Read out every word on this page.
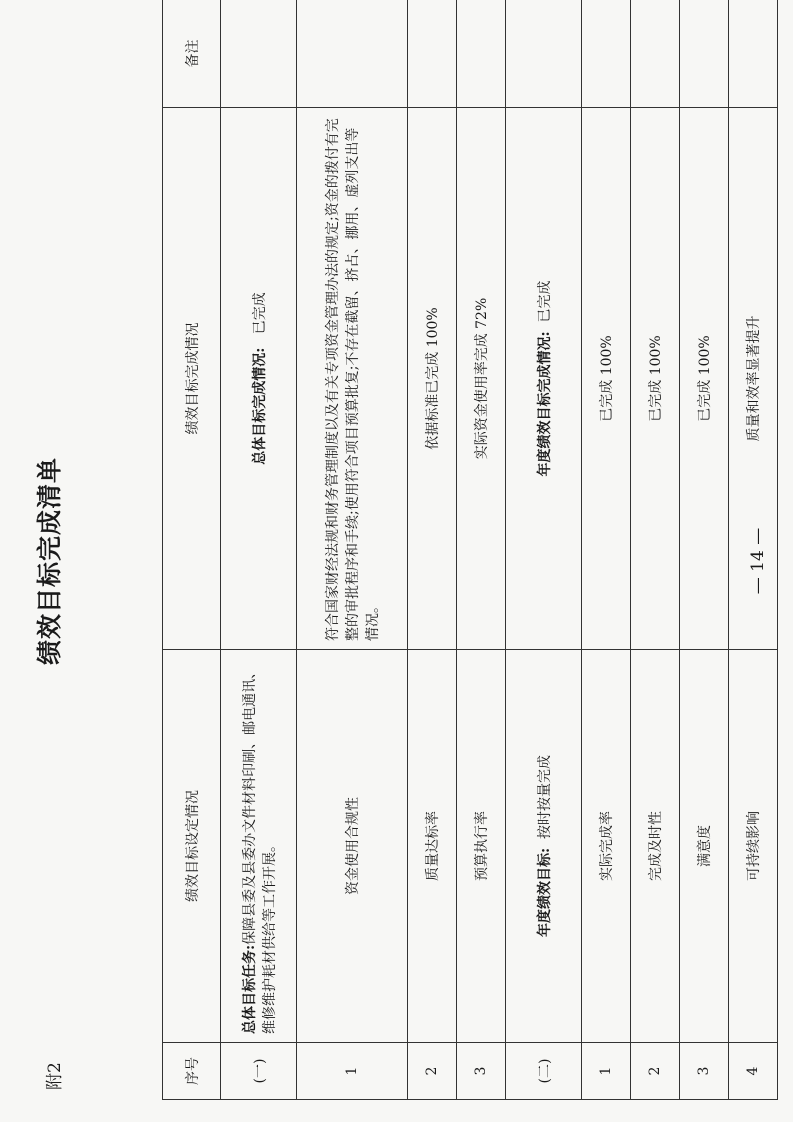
附2
绩效目标完成清单
序号	绩效目标设定情况	绩效目标完成情况	备注
(一)	总体目标任务:保障县委及县委办文件材料印刷、邮电通讯、维修维护耗材供给等工作开展。	总体目标完成情况:   已完成	
1	资金使用合规性	符合国家财经法规和财务管理制度以及有关专项资金管理办法的规定;资金的拨付有完整的审批程序和手续;使用符合项目预算批复;不存在截留、挤占、挪用、虚列支出等情况。	
2	质量达标率	依据标准已完成 100%	
3	预算执行率	实际资金使用率完成 72%	
(二)	年度绩效目标:  按时按量完成	年度绩效目标完成情况:  已完成	
1	实际完成率	已完成 100%	
2	完成及时性	已完成 100%	
3	满意度	已完成 100%	
4	可持续影响	质量和效率显著提升	
— 14 —
